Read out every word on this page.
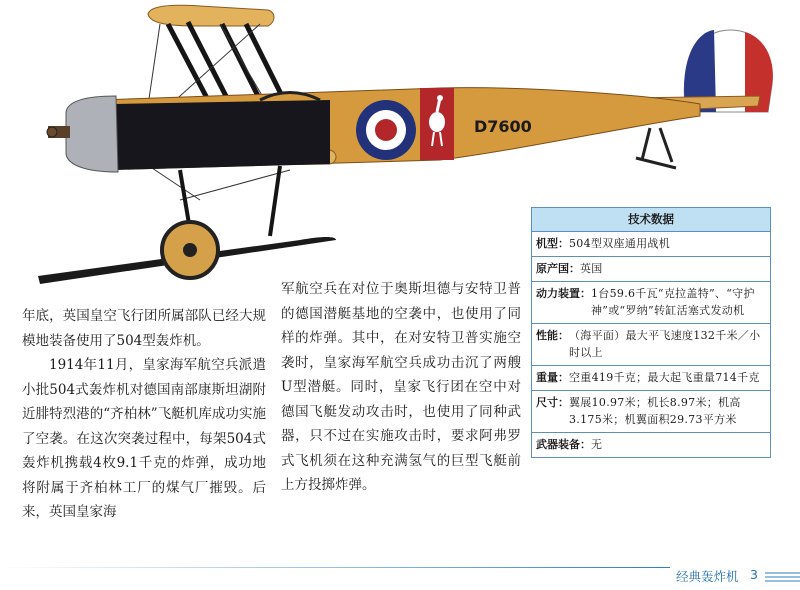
D7600

年底，英国皇空飞行团所属部队已经大规模地装备使用了504型轰炸机。

1914年11月，皇家海军航空兵派遣小批504式轰炸机对德国南部康斯坦湖附近腓特烈港的“齐柏林”飞艇机库成功实施了空袭。在这次突袭过程中，每架504式轰炸机携载4枚9.1千克的炸弹，成功地将附属于齐柏林工厂的煤气厂摧毁。后来，英国皇家海

军航空兵在对位于奥斯坦德与安特卫普的德国潜艇基地的空袭中，也使用了同样的炸弹。其中，在对安特卫普实施空袭时，皇家海军航空兵成功击沉了两艘U型潜艇。同时，皇家飞行团在空中对德国飞艇发动攻击时，也使用了同种武器，只不过在实施攻击时，要求阿弗罗式飞机须在这种充满氢气的巨型飞艇前上方投掷炸弹。

技术数据
机型： 504型双座通用战机
原产国： 英国
动力装置： 1台59.6千瓦“克拉盖特”、“守护神”或“罗纳”转缸活塞式发动机
性能： （海平面）最大平飞速度132千米／小时以上
重量： 空重419千克；最大起飞重量714千克
尺寸： 翼展10.97米；机长8.97米；机高3.175米；机翼面积29.73平方米
武器装备： 无
经典轰炸机 3
